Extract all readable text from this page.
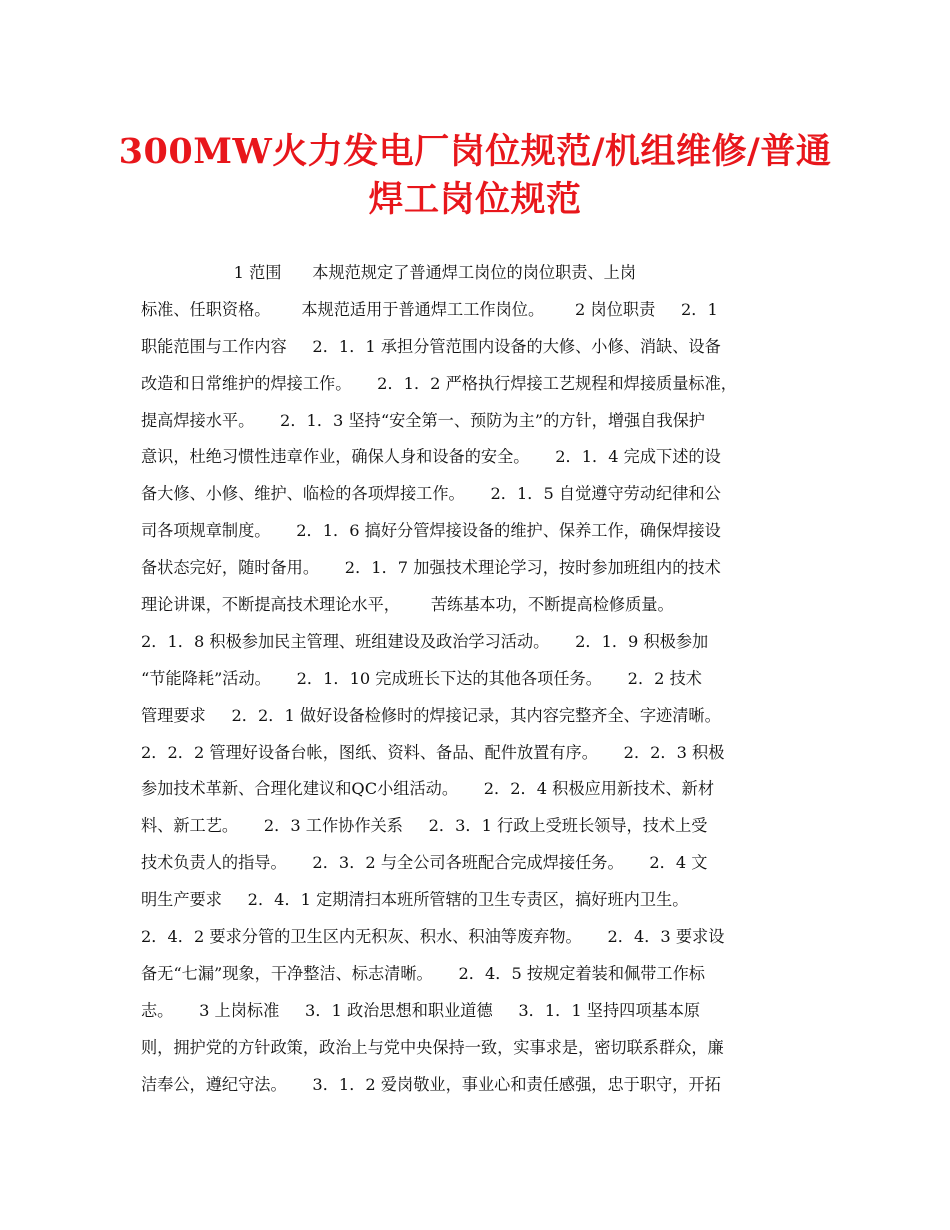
300MW火力发电厂岗位规范/机组维修/普通
焊工岗位规范
1 范围      本规范规定了普通焊工岗位的岗位职责、上岗
标准、任职资格。      本规范适用于普通焊工工作岗位。      2 岗位职责     2．1
职能范围与工作内容     2．1．1 承担分管范围内设备的大修、小修、消缺、设备
改造和日常维护的焊接工作。     2．1．2 严格执行焊接工艺规程和焊接质量标准，
提高焊接水平。     2．1．3 坚持“安全第一、预防为主”的方针，增强自我保护
意识，杜绝习惯性违章作业，确保人身和设备的安全。     2．1．4 完成下述的设
备大修、小修、维护、临检的各项焊接工作。     2．1．5 自觉遵守劳动纪律和公
司各项规章制度。     2．1．6 搞好分管焊接设备的维护、保养工作，确保焊接设
备状态完好，随时备用。     2．1．7 加强技术理论学习，按时参加班组内的技术
理论讲课，不断提高技术理论水平，      苦练基本功，不断提高检修质量。
2．1．8 积极参加民主管理、班组建设及政治学习活动。     2．1．9 积极参加
“节能降耗”活动。     2．1．10 完成班长下达的其他各项任务。     2．2 技术
管理要求     2．2．1 做好设备检修时的焊接记录，其内容完整齐全、字迹清晰。
2．2．2 管理好设备台帐，图纸、资料、备品、配件放置有序。     2．2．3 积极
参加技术革新、合理化建议和QC小组活动。     2．2．4 积极应用新技术、新材
料、新工艺。     2．3 工作协作关系     2．3．1 行政上受班长领导，技术上受
技术负责人的指导。     2．3．2 与全公司各班配合完成焊接任务。     2．4 文
明生产要求     2．4．1 定期清扫本班所管辖的卫生专责区，搞好班内卫生。
2．4．2 要求分管的卫生区内无积灰、积水、积油等废弃物。     2．4．3 要求设
备无“七漏”现象，干净整洁、标志清晰。     2．4．5 按规定着装和佩带工作标
志。     3 上岗标准     3．1 政治思想和职业道德     3．1．1 坚持四项基本原
则，拥护党的方针政策，政治上与党中央保持一致，实事求是，密切联系群众，廉
洁奉公，遵纪守法。     3．1．2 爱岗敬业，事业心和责任感强，忠于职守，开拓
